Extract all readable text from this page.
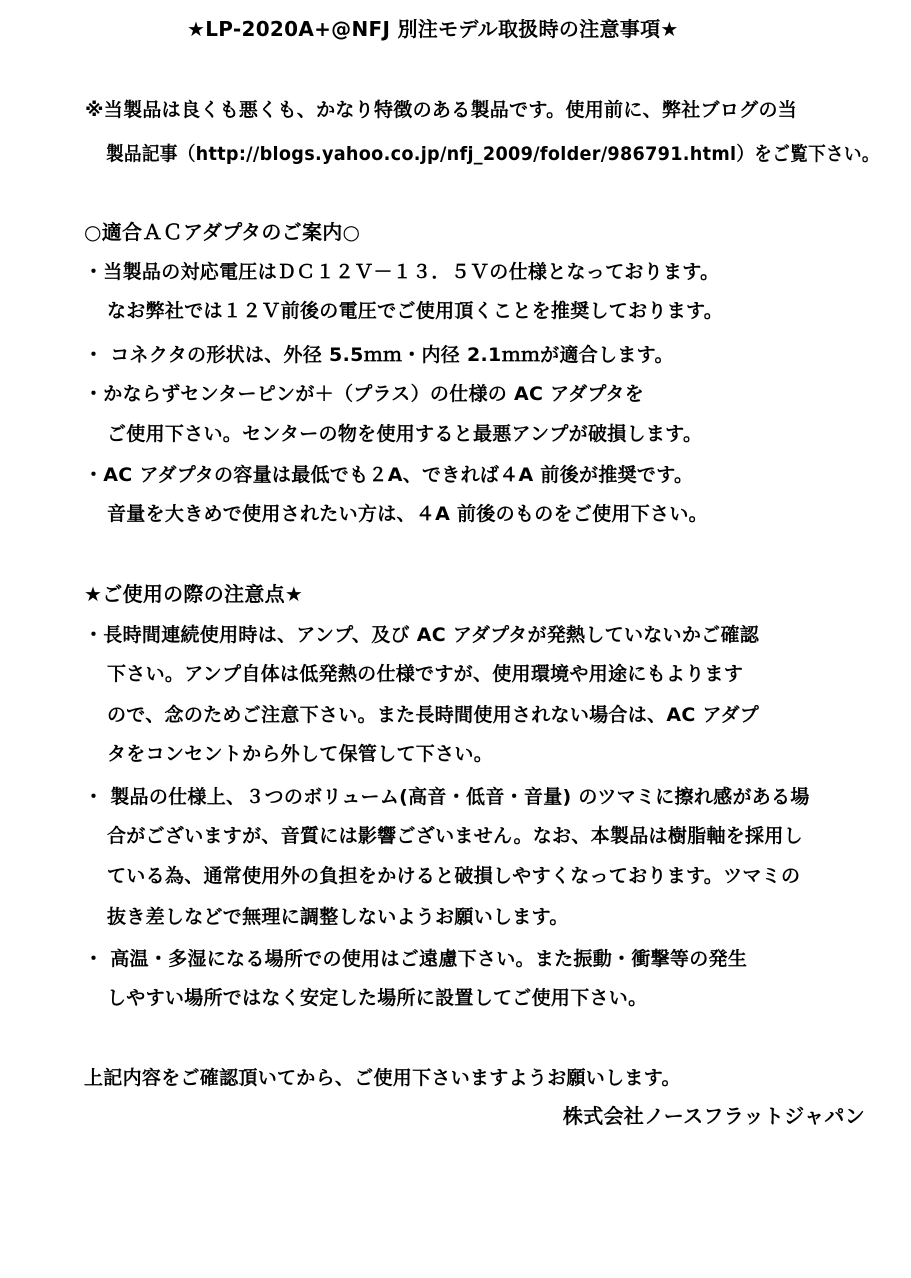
★LP-2020A+@NFJ 別注モデル取扱時の注意事項★
※当製品は良くも悪くも、かなり特徴のある製品です。使用前に、弊社ブログの当
製品記事（http://blogs.yahoo.co.jp/nfj_2009/folder/986791.html）をご覧下さい。
○適合ＡＣアダプタのご案内○
・当製品の対応電圧はＤＣ１２Ｖ－１３．５Ｖの仕様となっております。
なお弊社では１２Ｖ前後の電圧でご使用頂くことを推奨しております。
・ コネクタの形状は、外径 5.5ｍｍ・内径 2.1ｍｍが適合します。
・かならずセンターピンが＋（プラス）の仕様の AC アダプタを
ご使用下さい。センターの物を使用すると最悪アンプが破損します。
・AC アダプタの容量は最低でも２A、できれば４A 前後が推奨です。
音量を大きめで使用されたい方は、４A 前後のものをご使用下さい。
★ご使用の際の注意点★
・長時間連続使用時は、アンプ、及び AC アダプタが発熱していないかご確認
下さい。アンプ自体は低発熱の仕様ですが、使用環境や用途にもよります
ので、念のためご注意下さい。また長時間使用されない場合は、AC アダプ
タをコンセントから外して保管して下さい。
・ 製品の仕様上、３つのボリューム(高音・低音・音量) のツマミに擦れ感がある場
合がございますが、音質には影響ございません。なお、本製品は樹脂軸を採用し
ている為、通常使用外の負担をかけると破損しやすくなっております。ツマミの
抜き差しなどで無理に調整しないようお願いします。
・ 高温・多湿になる場所での使用はご遠慮下さい。また振動・衝撃等の発生
しやすい場所ではなく安定した場所に設置してご使用下さい。
上記内容をご確認頂いてから、ご使用下さいますようお願いします。
株式会社ノースフラットジャパン
